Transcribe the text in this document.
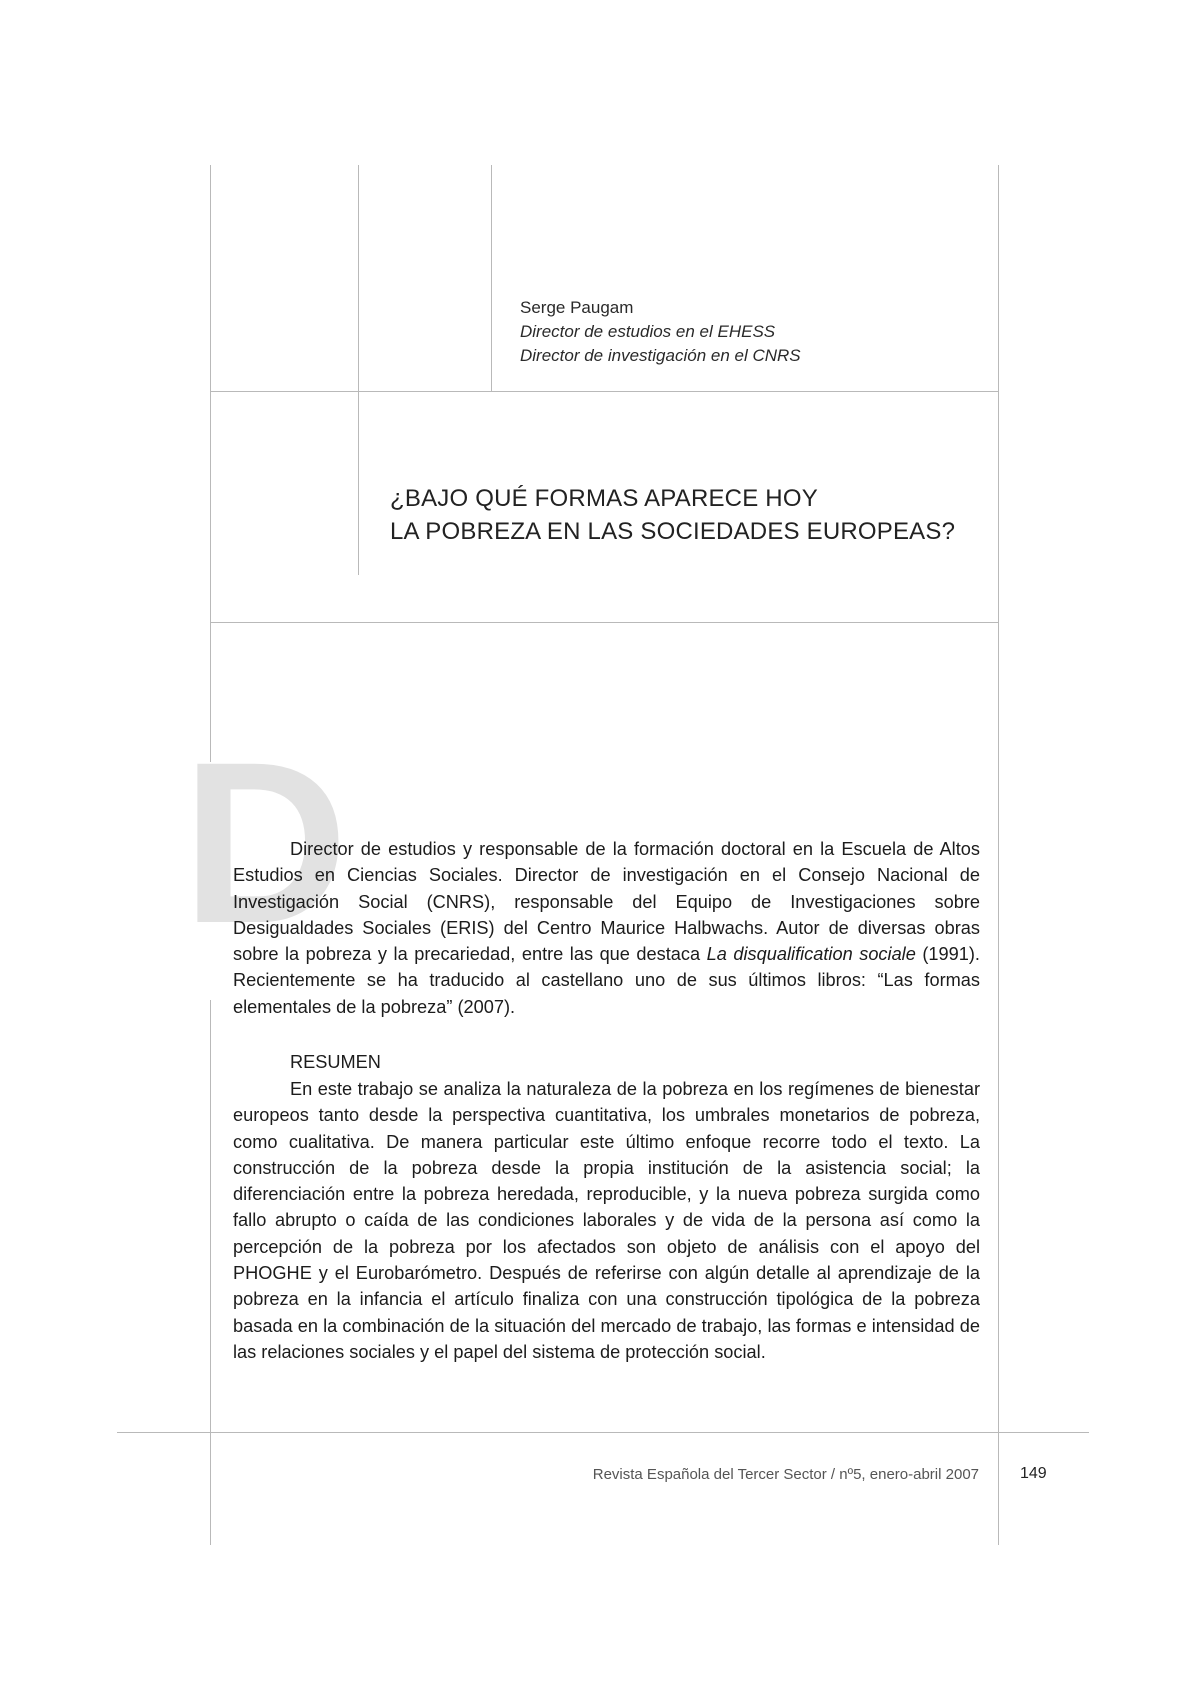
Serge Paugam
Director de estudios en el EHESS
Director de investigación en el CNRS
¿BAJO QUÉ FORMAS APARECE HOY
LA POBREZA EN LAS SOCIEDADES EUROPEAS?
D

Director de estudios y responsable de la formación doctoral en la Escuela de Altos Estudios en Ciencias Sociales. Director de investigación en el Consejo Nacional de Investigación Social (CNRS), responsable del Equipo de Investigaciones sobre Desigualdades Sociales (ERIS) del Centro Maurice Halbwachs. Autor de diversas obras sobre la pobreza y la precariedad, entre las que destaca La disqualification sociale (1991). Recientemente se ha traducido al castellano uno de sus últimos libros: “Las formas elementales de la pobreza” (2007).

RESUMEN

En este trabajo se analiza la naturaleza de la pobreza en los regímenes de bienestar europeos tanto desde la perspectiva cuantitativa, los umbrales monetarios de pobreza, como cualitativa. De manera particular este último enfoque recorre todo el texto. La construcción de la pobreza desde la propia institución de la asistencia social; la diferenciación entre la pobreza heredada, reproducible, y la nueva pobreza surgida como fallo abrupto o caída de las condiciones laborales y de vida de la persona así como la percepción de la pobreza por los afectados son objeto de análisis con el apoyo del PHOGHE y el Eurobarómetro. Después de referirse con algún detalle al aprendizaje de la pobreza en la infancia el artículo finaliza con una construcción tipológica de la pobreza basada en la combinación de la situación del mercado de trabajo, las formas e intensidad de las relaciones sociales y el papel del sistema de protección social.

Revista Española del Tercer Sector / nº5, enero-abril 2007	149
